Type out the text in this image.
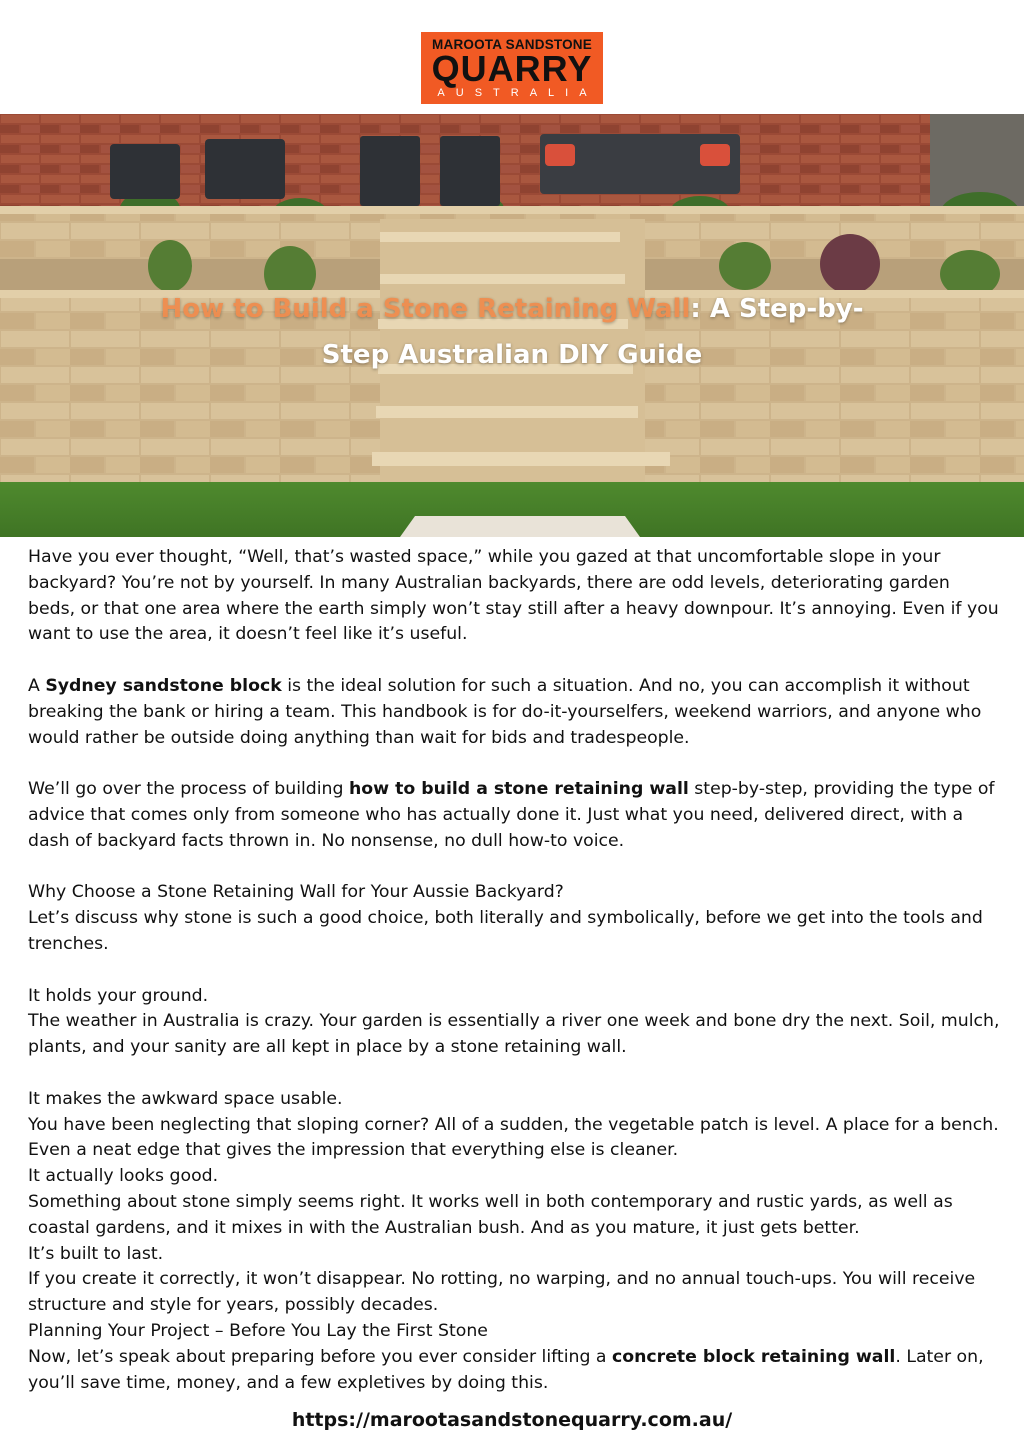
MAROOTA SANDSTONE
QUARRY
AUSTRALIA
How to Build a Stone Retaining Wall: A Step-by-
Step Australian DIY Guide

Have you ever thought, “Well, that’s wasted space,” while you gazed at that uncomfortable slope in your backyard? You’re not by yourself. In many Australian backyards, there are odd levels, deteriorating garden beds, or that one area where the earth simply won’t stay still after a heavy downpour. It’s annoying. Even if you want to use the area, it doesn’t feel like it’s useful.

A Sydney sandstone block is the ideal solution for such a situation. And no, you can accomplish it without breaking the bank or hiring a team. This handbook is for do-it-yourselfers, weekend warriors, and anyone who would rather be outside doing anything than wait for bids and tradespeople.

We’ll go over the process of building how to build a stone retaining wall step-by-step, providing the type of advice that comes only from someone who has actually done it. Just what you need, delivered direct, with a dash of backyard facts thrown in. No nonsense, no dull how-to voice.

Why Choose a Stone Retaining Wall for Your Aussie Backyard?

Let’s discuss why stone is such a good choice, both literally and symbolically, before we get into the tools and trenches.

It holds your ground.

The weather in Australia is crazy. Your garden is essentially a river one week and bone dry the next. Soil, mulch, plants, and your sanity are all kept in place by a stone retaining wall.

It makes the awkward space usable.

You have been neglecting that sloping corner? All of a sudden, the vegetable patch is level. A place for a bench. Even a neat edge that gives the impression that everything else is cleaner.

It actually looks good.

Something about stone simply seems right. It works well in both contemporary and rustic yards, as well as coastal gardens, and it mixes in with the Australian bush. And as you mature, it just gets better.

It’s built to last.

If you create it correctly, it won’t disappear. No rotting, no warping, and no annual touch-ups. You will receive structure and style for years, possibly decades.

Planning Your Project – Before You Lay the First Stone

Now, let’s speak about preparing before you ever consider lifting a concrete block retaining wall. Later on, you’ll save time, money, and a few expletives by doing this.

https://marootasandstonequarry.com.au/
